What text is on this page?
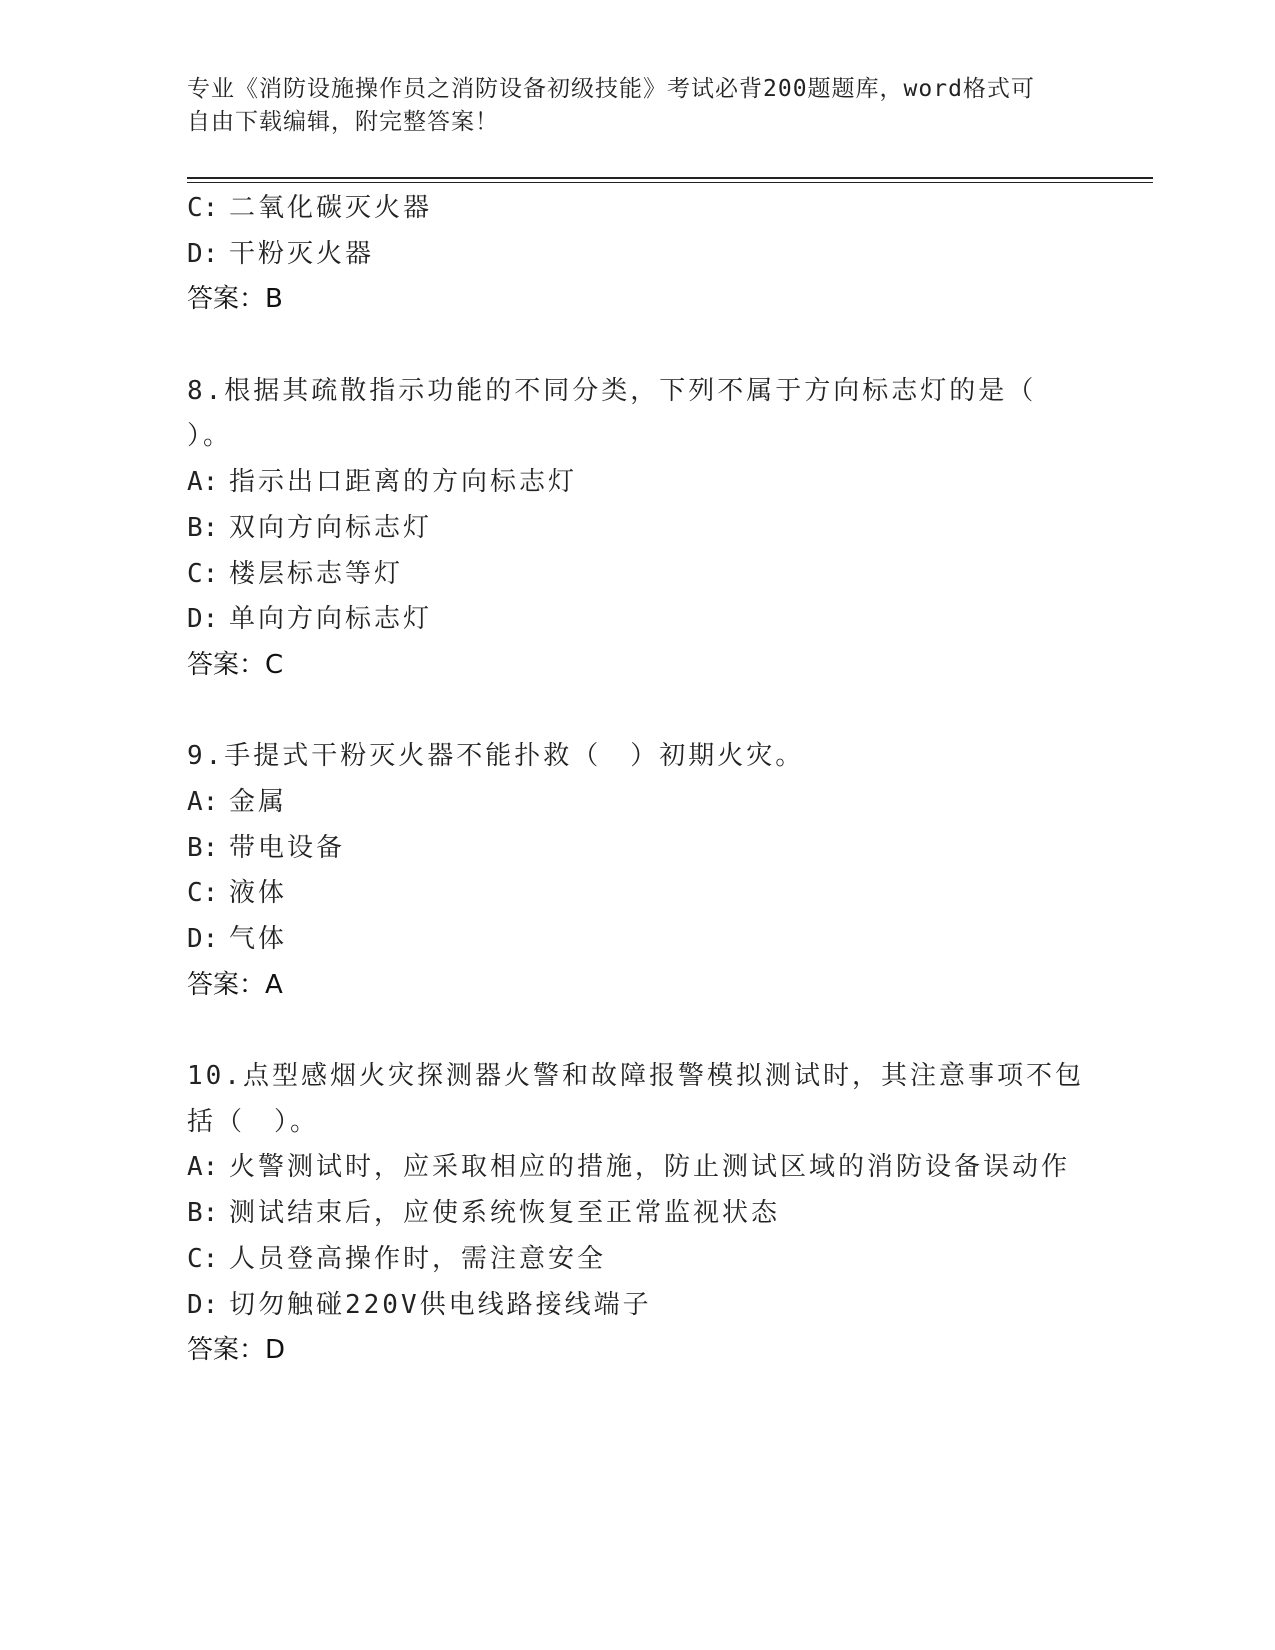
专业《消防设施操作员之消防设备初级技能》考试必背200题题库，word格式可
自由下载编辑，附完整答案！
C: 二氧化碳灭火器
D: 干粉灭火器
答案：B
8.根据其疏散指示功能的不同分类，下列不属于方向标志灯的是（
）。
A: 指示出口距离的方向标志灯
B: 双向方向标志灯
C: 楼层标志等灯
D: 单向方向标志灯
答案：C
9.手提式干粉灭火器不能扑救（　）初期火灾。
A: 金属
B: 带电设备
C: 液体
D: 气体
答案：A
10.点型感烟火灾探测器火警和故障报警模拟测试时，其注意事项不包
括（　）。
A: 火警测试时，应采取相应的措施，防止测试区域的消防设备误动作
B: 测试结束后，应使系统恢复至正常监视状态
C: 人员登高操作时，需注意安全
D: 切勿触碰220V供电线路接线端子
答案：D
